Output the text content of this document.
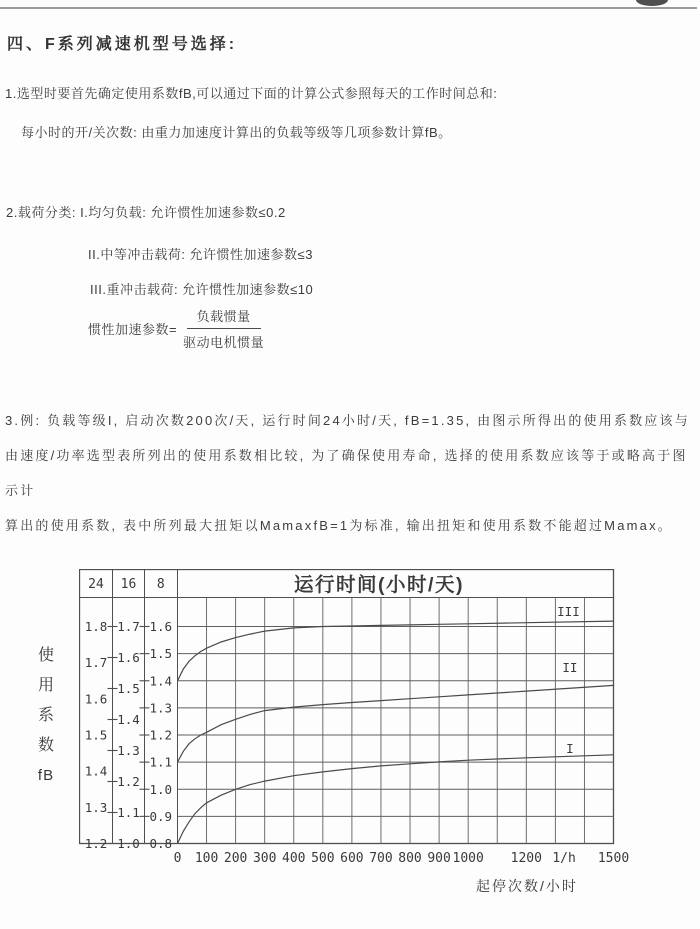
四、F系列减速机型号选择:
1.选型时要首先确定使用系数fB,可以通过下面的计算公式参照每天的工作时间总和:
每小时的开/关次数: 由重力加速度计算出的负载等级等几项参数计算fB。
2.载荷分类: I.均匀负载: 允许惯性加速参数≤0.2
II.中等冲击载荷: 允许惯性加速参数≤3
III.重冲击载荷: 允许惯性加速参数≤10
惯性加速参数= $\frac{\text{负载惯量}}{\text{驱动电机惯量}}$
3.例: 负载等级I, 启动次数200次/天, 运行时间24小时/天, fB=1.35, 由图示所得出的使用系数应该与
由速度/功率选型表所列出的使用系数相比较, 为了确保使用寿命, 选择的使用系数应该等于或略高于图示计
算出的使用系数, 表中所列最大扭矩以MamaxfB=1为标准, 输出扭矩和使用系数不能超过Mamax。
使
用
系
数
fB
24 16 8	运行时间(小时/天)
1.8
1.7
1.6
1.5
1.4
1.3
1.2
1.7
1.6
1.5
1.4
1.3
1.2
1.1
1.0
1.6
1.5
1.4
1.3
1.2
1.1
1.0
0.9
0.8
III
II
I
0 100 200 300 400 500 600 700 800 900 1000 1200 1/h 1500
起停次数/小时
